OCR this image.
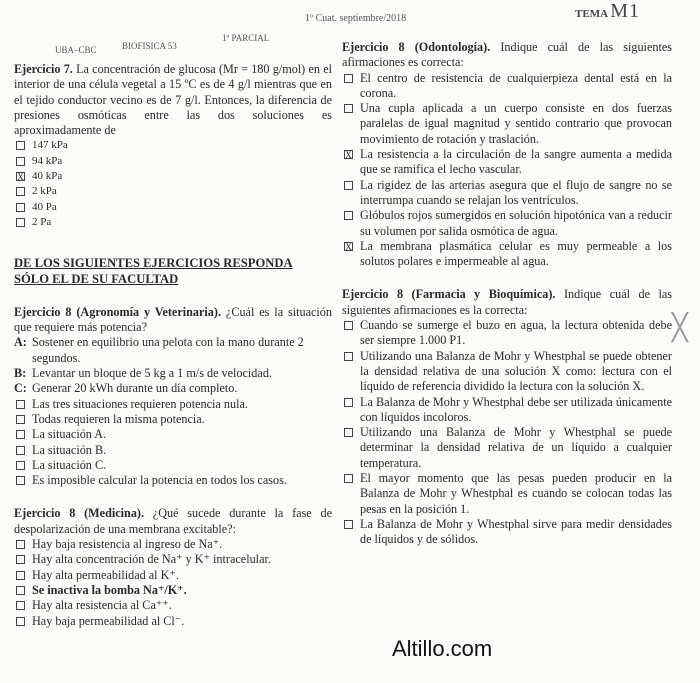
UBA–CBC	BIOFISICA 53
1º PARCIAL
1º Cuat. septiembre/2018	TEMA M1

Ejercicio 7. La concentración de glucosa (Mr = 180 g/mol) en el interior de una célula vegetal a 15 ºC es de 4 g/l mientras que en el tejido conductor vecino es de 7 g/l. Entonces, la diferencia de presiones osmóticas entre las dos soluciones es aproximadamente de

147 kPa
94 kPa
X 40 kPa
2 kPa
40 Pa
2 Pa

DE LOS SIGUIENTES EJERCICIOS RESPONDA

SÓLO EL DE SU FACULTAD

Ejercicio 8 (Agronomía y Veterinaria). ¿Cuál es la situación que requiere más potencia?

A: Sostener en equilibrio una pelota con la mano durante 2 segundos.
B: Levantar un bloque de 5 kg a 1 m/s de velocidad.
C: Generar 20 kWh durante un día completo.
Las tres situaciones requieren potencia nula.
Todas requieren la misma potencia.
La situación A.
La situación B.
La situación C.
Es imposible calcular la potencia en todos los casos.

Ejercicio 8 (Medicina). ¿Qué sucede durante la fase de despolarización de una membrana excitable?:

Hay baja resistencia al ingreso de Na⁺.
Hay alta concentración de Na⁺ y K⁺ intracelular.
Hay alta permeabilidad al K⁺.
Se inactiva la bomba Na⁺/K⁺.
Hay alta resistencia al Ca⁺⁺.
Hay baja permeabilidad al Cl⁻.

Ejercicio 8 (Odontología). Indique cuál de las siguientes afirmaciones es correcta:

El centro de resistencia de cualquierpieza dental está en la corona.
Una cupla aplicada a un cuerpo consiste en dos fuerzas paralelas de igual magnitud y sentido contrario que provocan movimiento de rotación y traslación.
X La resistencia a la circulación de la sangre aumenta a medida que se ramifica el lecho vascular.
La rigidez de las arterias asegura que el flujo de sangre no se interrumpa cuando se relajan los ventrículos.
Glóbulos rojos sumergidos en solución hipotónica van a reducir su volumen por salida osmótica de agua.
X La membrana plasmática celular es muy permeable a los solutos polares e impermeable al agua.

Ejercicio 8 (Farmacia y Bioquímica). Indique cuál de las siguientes afirmaciones es la correcta:

Cuando se sumerge el buzo en agua, la lectura obtenida debe ser siempre 1.000 P1.
Utilizando una Balanza de Mohr y Whestphal se puede obtener la densidad relativa de una solución X como: lectura con el líquido de referencia dividido la lectura con la solución X.
La Balanza de Mohr y Whestphal debe ser utilizada únicamente con líquidos incoloros.
Utilizando una Balanza de Mohr y Whestphal se puede determinar la densidad relativa de un líquido a cualquier temperatura.
El mayor momento que las pesas pueden producir en la Balanza de Mohr y Whestphal es cuando se colocan todas las pesas en la posición 1.
La Balanza de Mohr y Whestphal sirve para medir densidades de líquidos y de sólidos.
╳
Altillo.com
